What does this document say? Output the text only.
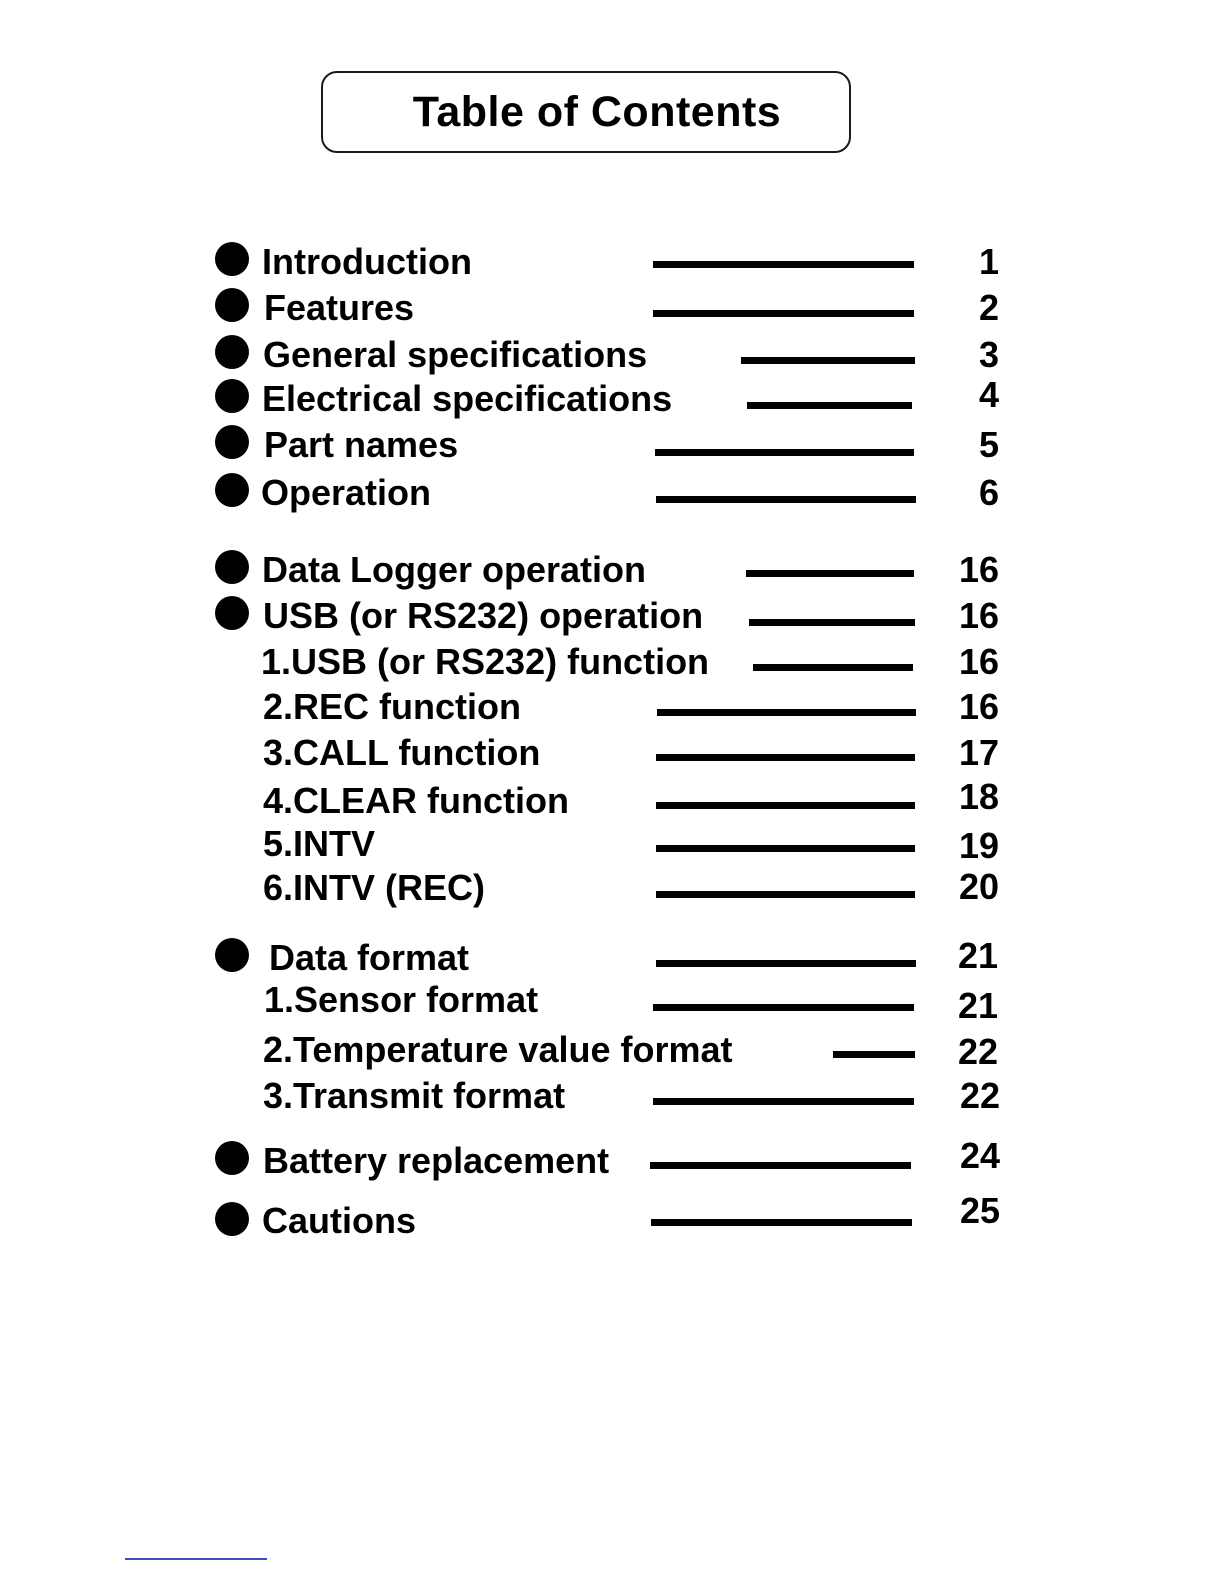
Table of Contents
Introduction	1
Features	2
General specifications	3
Electrical specifications	4
Part names	5
Operation	6
Data Logger operation	16
USB (or RS232) operation	16
1.USB (or RS232) function	16
2.REC function	16
3.CALL function	17
4.CLEAR function	18
5.INTV	19
6.INTV (REC)	20
Data format	21
1.Sensor format	21
2.Temperature value format	22
3.Transmit format	22
Battery replacement	24
Cautions	25
